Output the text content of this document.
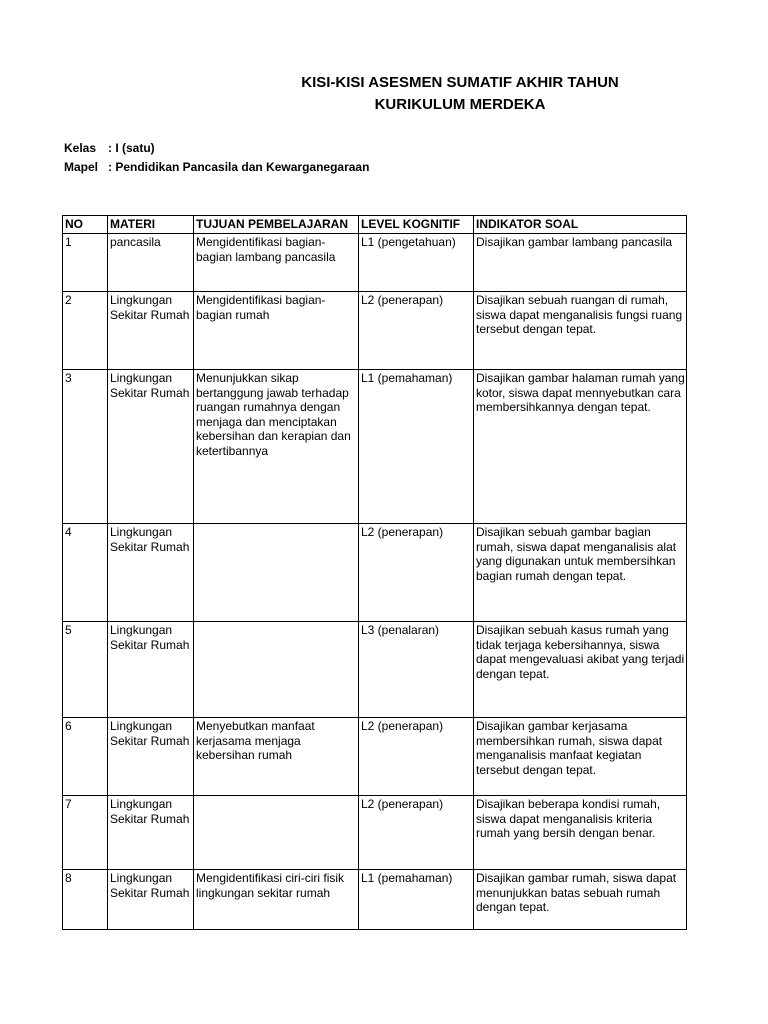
KISI-KISI ASESMEN SUMATIF AKHIR TAHUN
KURIKULUM MERDEKA
Kelas : I (satu)
Mapel : Pendidikan Pancasila dan Kewarganegaraan
NO	MATERI	TUJUAN PEMBELAJARAN	LEVEL KOGNITIF	INDIKATOR SOAL
1	pancasila	Mengidentifikasi bagian-bagian lambang pancasila	L1 (pengetahuan)	Disajikan gambar lambang pancasila
2	Lingkungan Sekitar Rumah	Mengidentifikasi bagian-bagian rumah	L2 (penerapan)	Disajikan sebuah ruangan di rumah, siswa dapat menganalisis fungsi ruang tersebut dengan tepat.
3	Lingkungan Sekitar Rumah	Menunjukkan sikap bertanggung jawab terhadap ruangan rumahnya dengan menjaga dan menciptakan kebersihan dan kerapian dan ketertibannya	L1 (pemahaman)	Disajikan gambar halaman rumah yang kotor, siswa dapat mennyebutkan cara membersihkannya dengan tepat.
4	Lingkungan Sekitar Rumah		L2 (penerapan)	Disajikan sebuah gambar bagian rumah, siswa dapat menganalisis alat yang digunakan untuk membersihkan bagian rumah dengan tepat.
5	Lingkungan Sekitar Rumah		L3 (penalaran)	Disajikan sebuah kasus rumah yang tidak terjaga kebersihannya, siswa dapat mengevaluasi akibat yang terjadi dengan tepat.
6	Lingkungan Sekitar Rumah	Menyebutkan manfaat kerjasama menjaga kebersihan rumah	L2 (penerapan)	Disajikan gambar kerjasama membersihkan rumah, siswa dapat menganalisis manfaat kegiatan tersebut dengan tepat.
7	Lingkungan Sekitar Rumah		L2 (penerapan)	Disajikan beberapa kondisi rumah, siswa dapat menganalisis kriteria rumah yang bersih dengan benar.
8	Lingkungan Sekitar Rumah	Mengidentifikasi ciri-ciri fisik lingkungan sekitar rumah	L1 (pemahaman)	Disajikan gambar rumah, siswa dapat menunjukkan batas sebuah rumah dengan tepat.
